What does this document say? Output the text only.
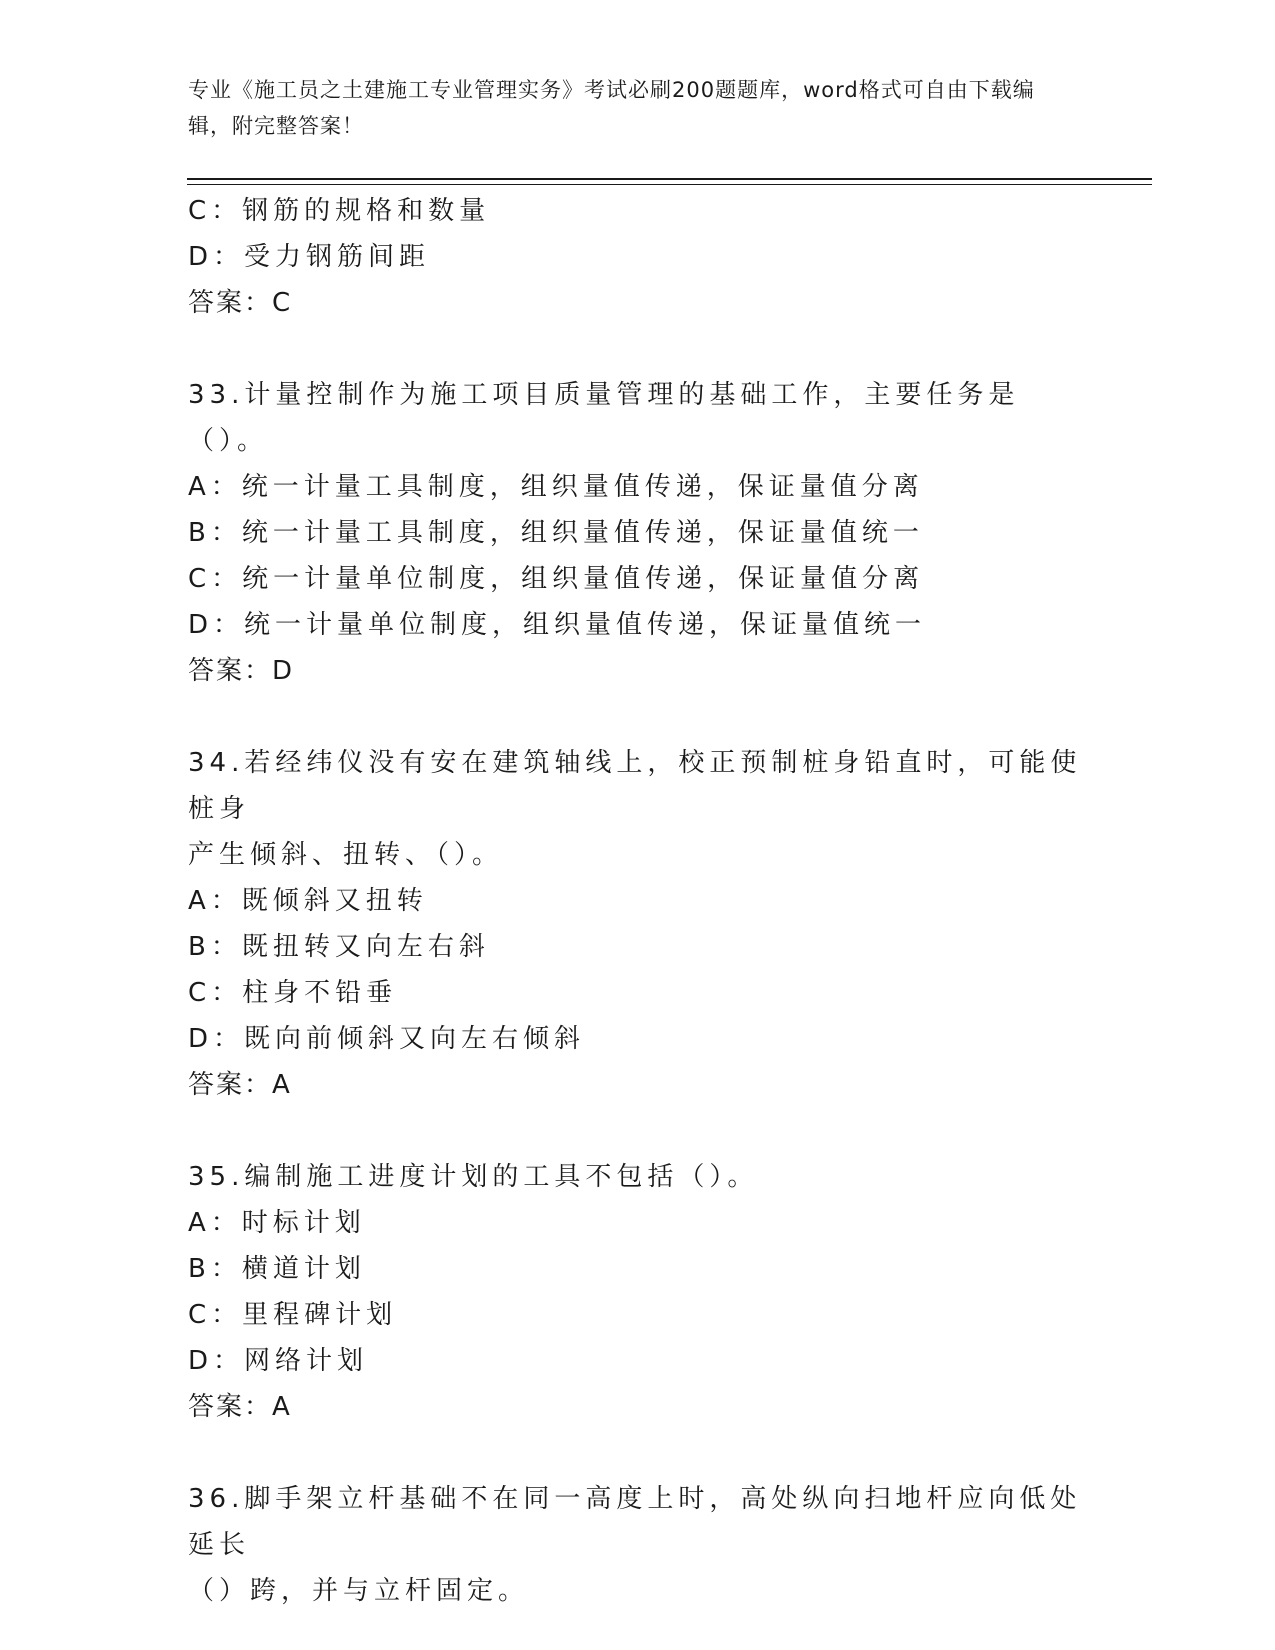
专业《施工员之土建施工专业管理实务》考试必刷200题题库，word格式可自由下载编辑，附完整答案！
C：钢筋的规格和数量
D：受力钢筋间距
答案：C
33.计量控制作为施工项目质量管理的基础工作，主要任务是（）。
A：统一计量工具制度，组织量值传递，保证量值分离
B：统一计量工具制度，组织量值传递，保证量值统一
C：统一计量单位制度，组织量值传递，保证量值分离
D：统一计量单位制度，组织量值传递，保证量值统一
答案：D
34.若经纬仪没有安在建筑轴线上，校正预制桩身铅直时，可能使桩身
产生倾斜、扭转、（）。
A：既倾斜又扭转
B：既扭转又向左右斜
C：柱身不铅垂
D：既向前倾斜又向左右倾斜
答案：A
35.编制施工进度计划的工具不包括（）。
A：时标计划
B：横道计划
C：里程碑计划
D：网络计划
答案：A
36.脚手架立杆基础不在同一高度上时，高处纵向扫地杆应向低处延长
（）跨，并与立杆固定。
